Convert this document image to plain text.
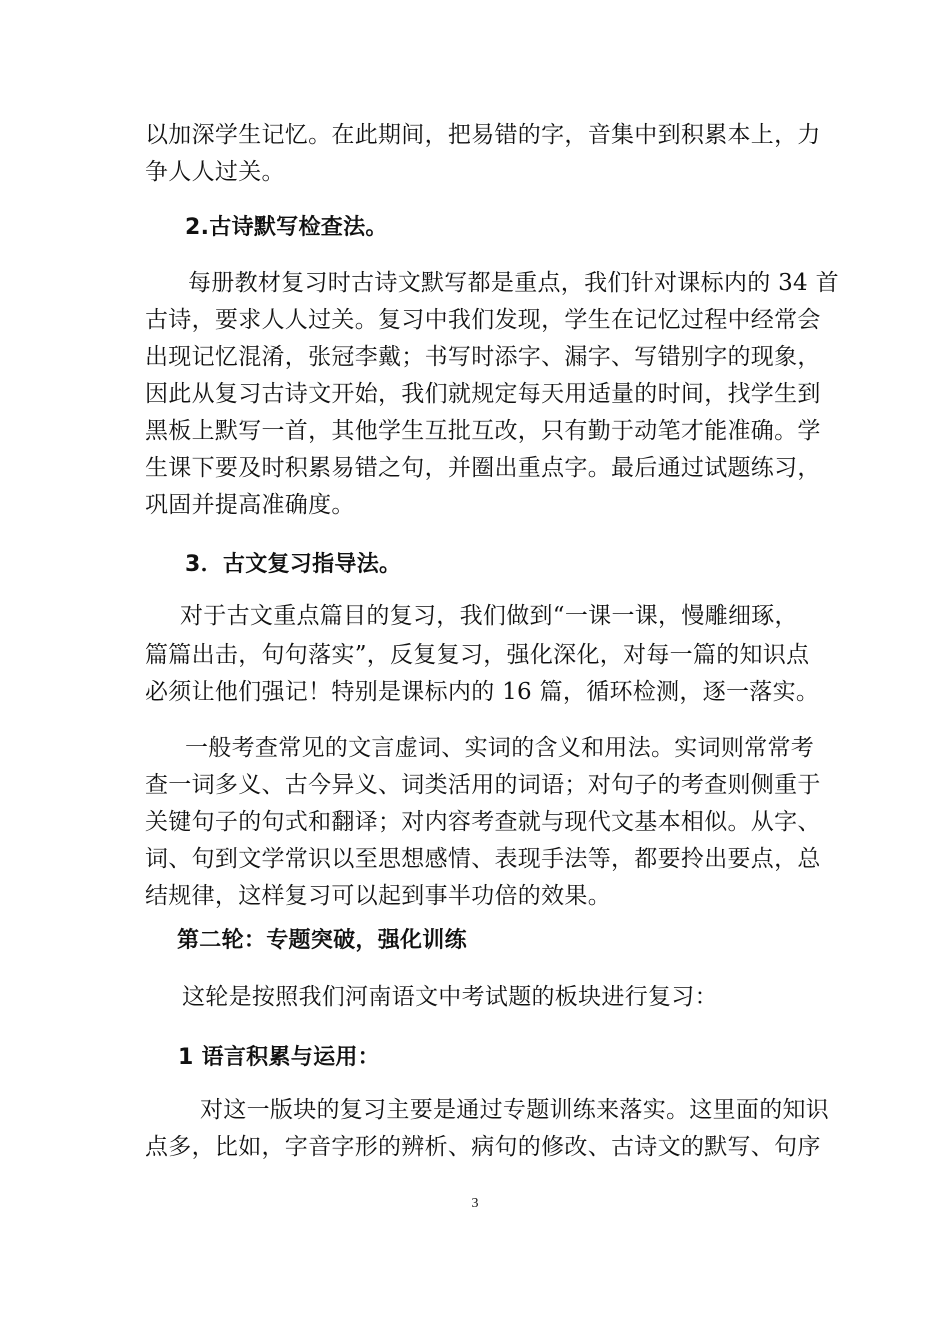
以加深学生记忆。在此期间，把易错的字，音集中到积累本上，力
争人人过关。
2.古诗默写检查法。
每册教材复习时古诗文默写都是重点，我们针对课标内的 34 首
古诗，要求人人过关。复习中我们发现，学生在记忆过程中经常会
出现记忆混淆，张冠李戴；书写时添字、漏字、写错别字的现象，
因此从复习古诗文开始，我们就规定每天用适量的时间，找学生到
黑板上默写一首，其他学生互批互改，只有勤于动笔才能准确。学
生课下要及时积累易错之句，并圈出重点字。最后通过试题练习，
巩固并提高准确度。
3．古文复习指导法。
对于古文重点篇目的复习，我们做到“一课一课，慢雕细琢，
篇篇出击，句句落实”，反复复习，强化深化，对每一篇的知识点
必须让他们强记！特别是课标内的 16 篇，循环检测，逐一落实。
一般考查常见的文言虚词、实词的含义和用法。实词则常常考
查一词多义、古今异义、词类活用的词语；对句子的考查则侧重于
关键句子的句式和翻译；对内容考查就与现代文基本相似。从字、
词、句到文学常识以至思想感情、表现手法等，都要拎出要点，总
结规律，这样复习可以起到事半功倍的效果。
第二轮：专题突破，强化训练
这轮是按照我们河南语文中考试题的板块进行复习：
1 语言积累与运用：
对这一版块的复习主要是通过专题训练来落实。这里面的知识
点多，比如，字音字形的辨析、病句的修改、古诗文的默写、句序
3
